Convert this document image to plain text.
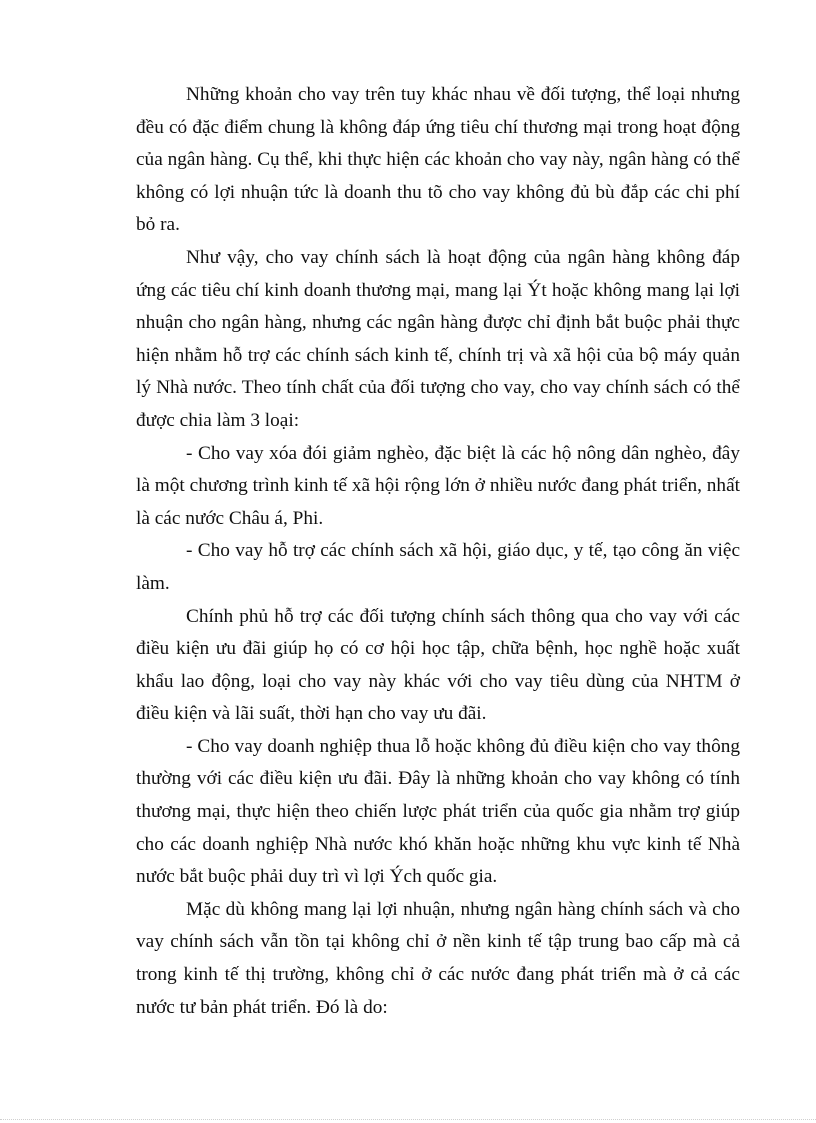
Những khoản cho vay trên tuy khác nhau về đối tượng, thể loại nhưng đều có đặc điểm chung là không đáp ứng tiêu chí thương mại trong hoạt động của ngân hàng. Cụ thể, khi thực hiện các khoản cho vay này, ngân hàng có thể không có lợi nhuận tức là doanh thu tõ cho vay không đủ bù đắp các chi phí bỏ ra.

Như vậy, cho vay chính sách là hoạt động của ngân hàng không đáp ứng các tiêu chí kinh doanh thương mại, mang lại Ýt hoặc không mang lại lợi nhuận cho ngân hàng, nhưng các ngân hàng được chỉ định bắt buộc phải thực hiện nhằm hỗ trợ các chính sách kinh tế, chính trị và xã hội của bộ máy quản lý Nhà nước. Theo tính chất của đối tượng cho vay, cho vay chính sách có thể được chia làm 3 loại:

- Cho vay xóa đói giảm nghèo, đặc biệt là các hộ nông dân nghèo, đây là một chương trình kinh tế xã hội rộng lớn ở nhiều nước đang phát triển, nhất là các nước Châu á, Phi.

- Cho vay hỗ trợ các chính sách xã hội, giáo dục, y tế, tạo công ăn việc làm.

Chính phủ hỗ trợ các đối tượng chính sách thông qua cho vay với các điều kiện ưu đãi giúp họ có cơ hội học tập, chữa bệnh, học nghề hoặc xuất khẩu lao động, loại cho vay này khác với cho vay tiêu dùng của NHTM ở điều kiện và lãi suất, thời hạn cho vay ưu đãi.

- Cho vay doanh nghiệp thua lỗ hoặc không đủ điều kiện cho vay thông thường với các điều kiện ưu đãi. Đây là những khoản cho vay không có tính thương mại, thực hiện theo chiến lược phát triển của quốc gia nhằm trợ giúp cho các doanh nghiệp Nhà nước khó khăn hoặc những khu vực kinh tế Nhà nước bắt buộc phải duy trì vì lợi Ých quốc gia.

Mặc dù không mang lại lợi nhuận, nhưng ngân hàng chính sách và cho vay chính sách vẫn tồn tại không chỉ ở nền kinh tế tập trung bao cấp mà cả trong kinh tế thị trường, không chỉ ở các nước đang phát triển mà ở cả các nước tư bản phát triển. Đó là do:
